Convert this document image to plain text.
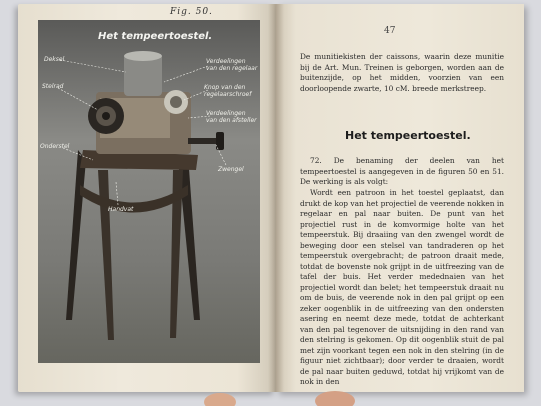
Fig. 50.
Het tempeertoestel.
Deksel
Stelrad
Onderstel
Handvat
Verdeelingen van den regelaar
Knop van den regelaarschroef
Verdeelingen van den afsteller
Zwengel
47

De munitiekisten der caissons, waarin deze munitie bij de Art. Mun. Treinen is geborgen, worden aan de buitenzijde, op het midden, voorzien van een doorloopende zwarte, 10 cM. breede merkstreep.

Het tempeertoestel.

72. De benaming der deelen van het tempeertoestel is aangegeven in de figuren 50 en 51. De werking is als volgt:

Wordt een patroon in het toestel geplaatst, dan drukt de kop van het projectiel de veerende nokken in regelaar en pal naar buiten. De punt van het projectiel rust in de komvormige holte van het tempeerstuk. Bij draaiing van den zwengel wordt de beweging door een stelsel van tandraderen op het tempeerstuk overgebracht; de patroon draait mede, totdat de bovenste nok grijpt in de uitfreezing van de tafel der buis. Het verder medednaien van het projectiel wordt dan belet; het tempeerstuk draait nu om de buis, de veerende nok in den pal grijpt op een zeker oogenblik in de uitfreezing van den ondersten asering en neemt deze mede, totdat de achterkant van den pal tegenover de uitsnijding in den rand van den stelring is gekomen. Op dit oogenblik stuit de pal met zijn voorkant tegen een nok in den stelring (in de figuur niet zichtbaar); door verder te draaien, wordt de pal naar buiten geduwd, totdat hij vrijkomt van de nok in den
